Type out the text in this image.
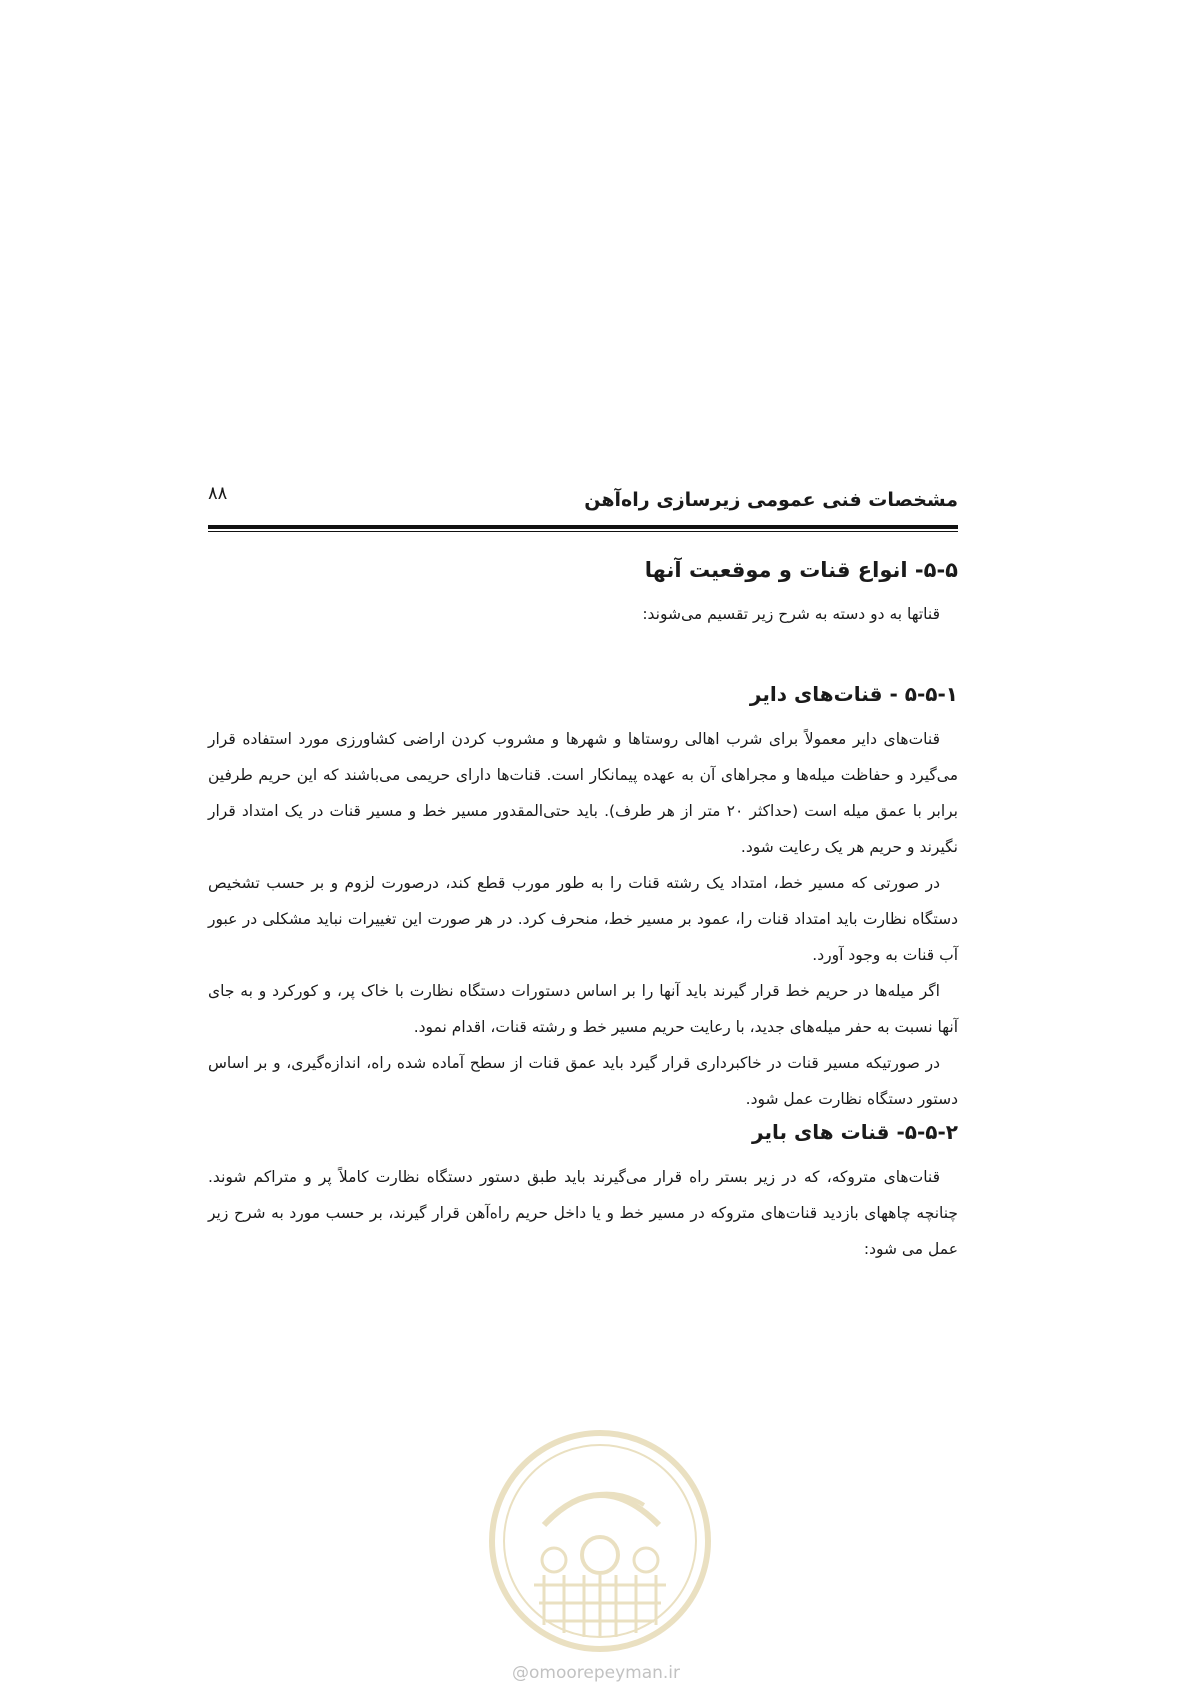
۸۸	مشخصات فنی عمومی زیرسازی راه‌آهن
۵-۵- انواع قنات و موقعیت آنها

قناتها به دو دسته به شرح زیر تقسیم می‌شوند:

۵-۵-۱ - قنات‌های دایر

قنات‌های دایر معمولاً برای شرب اهالی روستاها و شهرها و مشروب کردن اراضی کشاورزی مورد استفاده قرار می‌گیرد و حفاظت میله‌ها و مجراهای آن به عهده پیمانکار است. قنات‌ها دارای حریمی می‌باشند که این حریم طرفین برابر با عمق میله است (حداکثر ۲۰ متر از هر طرف). باید حتی‌المقدور مسیر خط و مسیر قنات در یک امتداد قرار نگیرند و حریم هر یک رعایت شود.

در صورتی که مسیر خط، امتداد یک رشته قنات را به طور مورب قطع کند، درصورت لزوم و بر حسب تشخیص دستگاه نظارت باید امتداد قنات را، عمود بر مسیر خط، منحرف کرد. در هر صورت این تغییرات نباید مشکلی در عبور آب قنات به وجود آورد.

اگر میله‌ها در حریم خط قرار گیرند باید آنها را بر اساس دستورات دستگاه نظارت با خاک پر، و کورکرد و به جای آنها نسبت به حفر میله‌های جدید، با رعایت حریم مسیر خط و رشته قنات، اقدام نمود.

در صورتیکه مسیر قنات در خاکبرداری قرار گیرد باید عمق قنات از سطح آماده شده راه، اندازه‌گیری، و بر اساس دستور دستگاه نظارت عمل شود.

۵-۵-۲- قنات های بایر

قنات‌های متروکه، که در زیر بستر راه قرار می‌گیرند باید طبق دستور دستگاه نظارت کاملاً پر و متراکم شوند. چنانچه چاههای بازدید قنات‌های متروکه در مسیر خط و یا داخل حریم راه‌آهن قرار گیرند، بر حسب مورد به شرح زیر عمل می شود:

@omoorepeyman.ir
